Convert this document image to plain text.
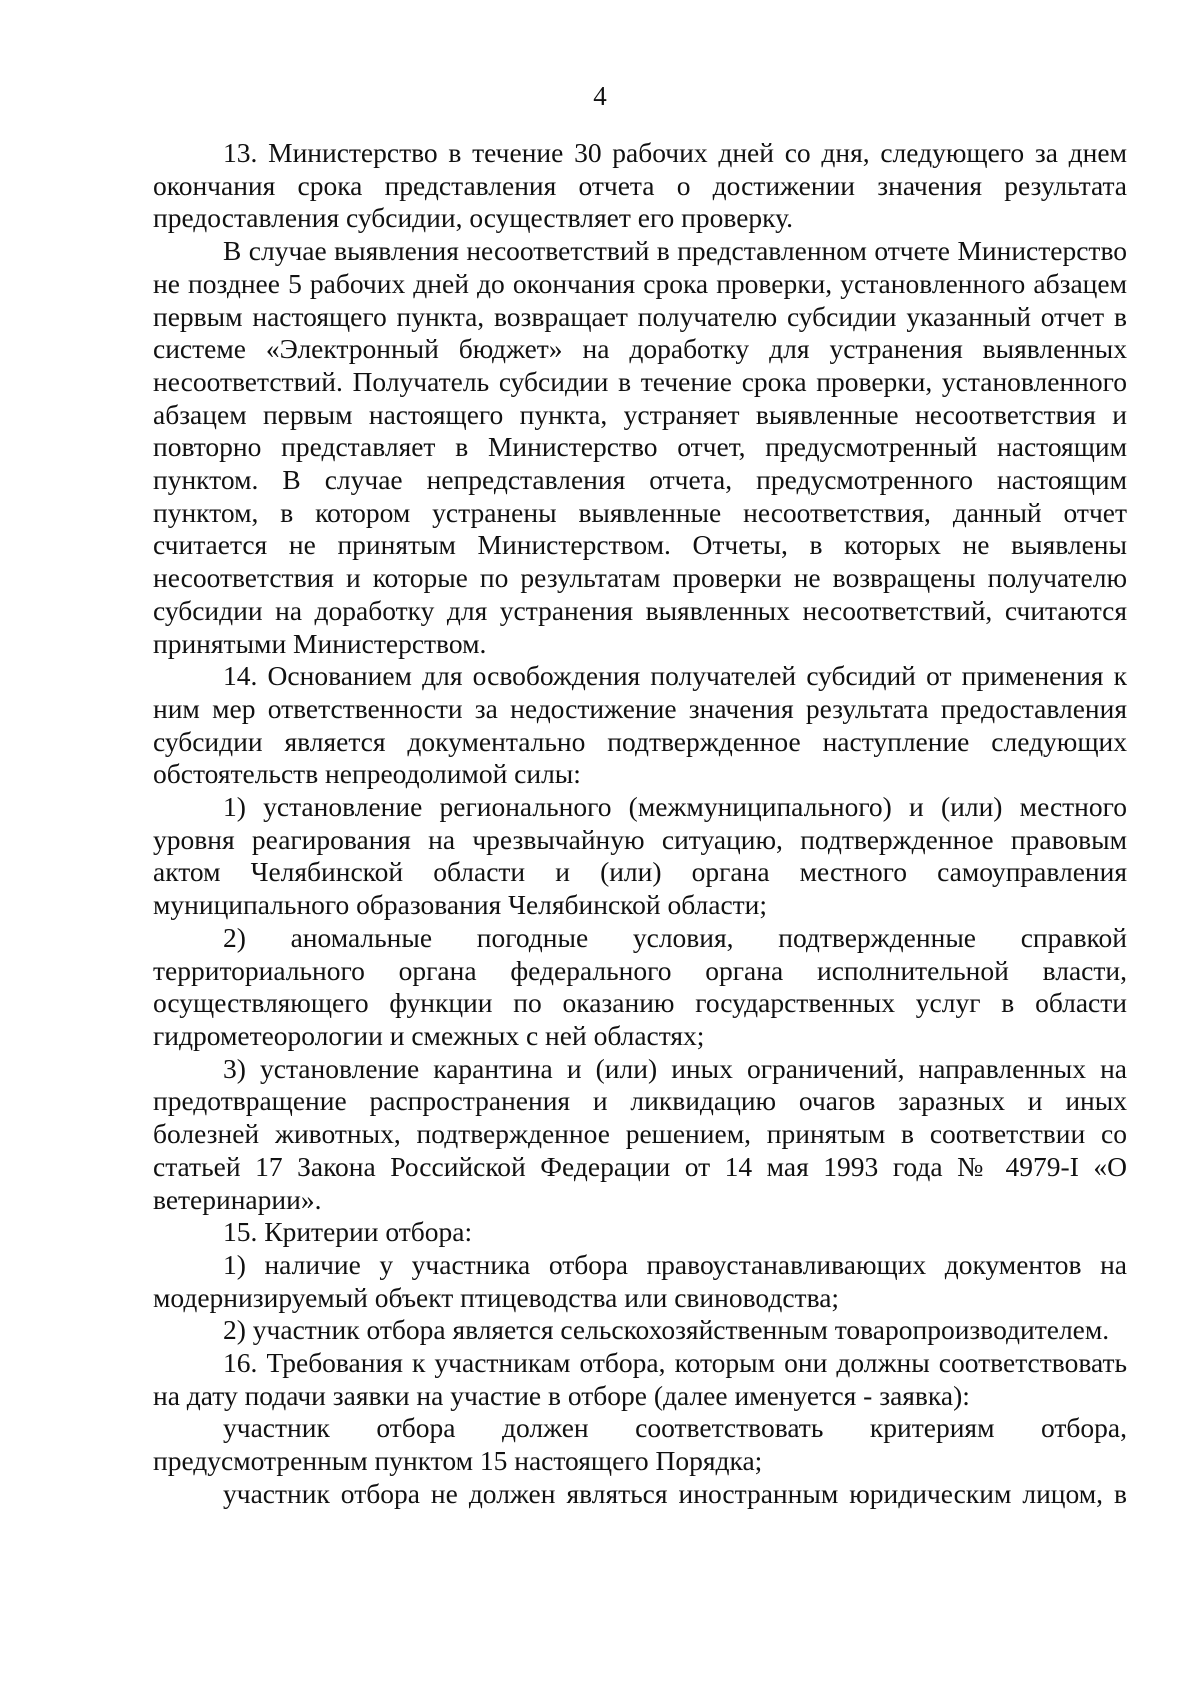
4

13. Министерство в течение 30 рабочих дней со дня, следующего за днем окончания срока представления отчета о достижении значения результата предоставления субсидии, осуществляет его проверку.

В случае выявления несоответствий в представленном отчете Министерство не позднее 5 рабочих дней до окончания срока проверки, установленного абзацем первым настоящего пункта, возвращает получателю субсидии указанный отчет в системе «Электронный бюджет» на доработку для устранения выявленных несоответствий. Получатель субсидии в течение срока проверки, установленного абзацем первым настоящего пункта, устраняет выявленные несоответствия и повторно представляет в Министерство отчет, предусмотренный настоящим пунктом. В случае непредставления отчета, предусмотренного настоящим пунктом, в котором устранены выявленные несоответствия, данный отчет считается не принятым Министерством. Отчеты, в которых не выявлены несоответствия и которые по результатам проверки не возвращены получателю субсидии на доработку для устранения выявленных несоответствий, считаются принятыми Министерством.

14. Основанием для освобождения получателей субсидий от применения к ним мер ответственности за недостижение значения результата предоставления субсидии является документально подтвержденное наступление следующих обстоятельств непреодолимой силы:

1) установление регионального (межмуниципального) и (или) местного уровня реагирования на чрезвычайную ситуацию, подтвержденное правовым актом Челябинской области и (или) органа местного самоуправления муниципального образования Челябинской области;

2) аномальные погодные условия, подтвержденные справкой территориального органа федерального органа исполнительной власти, осуществляющего функции по оказанию государственных услуг в области гидрометеорологии и смежных с ней областях;

3) установление карантина и (или) иных ограничений, направленных на предотвращение распространения и ликвидацию очагов заразных и иных болезней животных, подтвержденное решением, принятым в соответствии со статьей 17 Закона Российской Федерации от 14 мая 1993 года № 4979-I «О ветеринарии».

15. Критерии отбора:

1) наличие у участника отбора правоустанавливающих документов на модернизируемый объект птицеводства или свиноводства;

2) участник отбора является сельскохозяйственным товаропроизводителем.

16. Требования к участникам отбора, которым они должны соответствовать на дату подачи заявки на участие в отборе (далее именуется - заявка):

участник отбора должен соответствовать критериям отбора, предусмотренным пунктом 15 настоящего Порядка;

участник отбора не должен являться иностранным юридическим лицом, в
